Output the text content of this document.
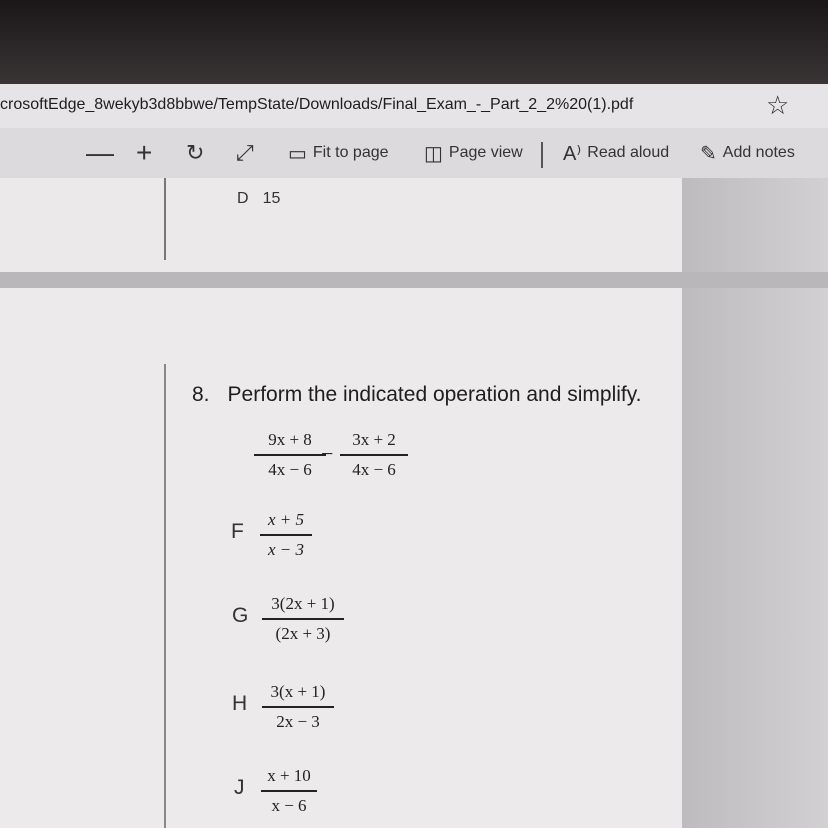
crosoftEdge_8wekyb3d8bbwe/TempState/Downloads/Final_Exam_-_Part_2_2%20(1).pdf	☆
— + ↻ ⤢ ▭ Fit to page ◫ Page view A⁾ Read aloud ✎ Add notes
D 15
8. Perform the indicated operation and simplify.
9x + 8
4x − 6
−
3x + 2
4x − 6
F
x + 5
x − 3
G
3(2x + 1)
(2x + 3)
H
3(x + 1)
2x − 3
J
x + 10
x − 6
